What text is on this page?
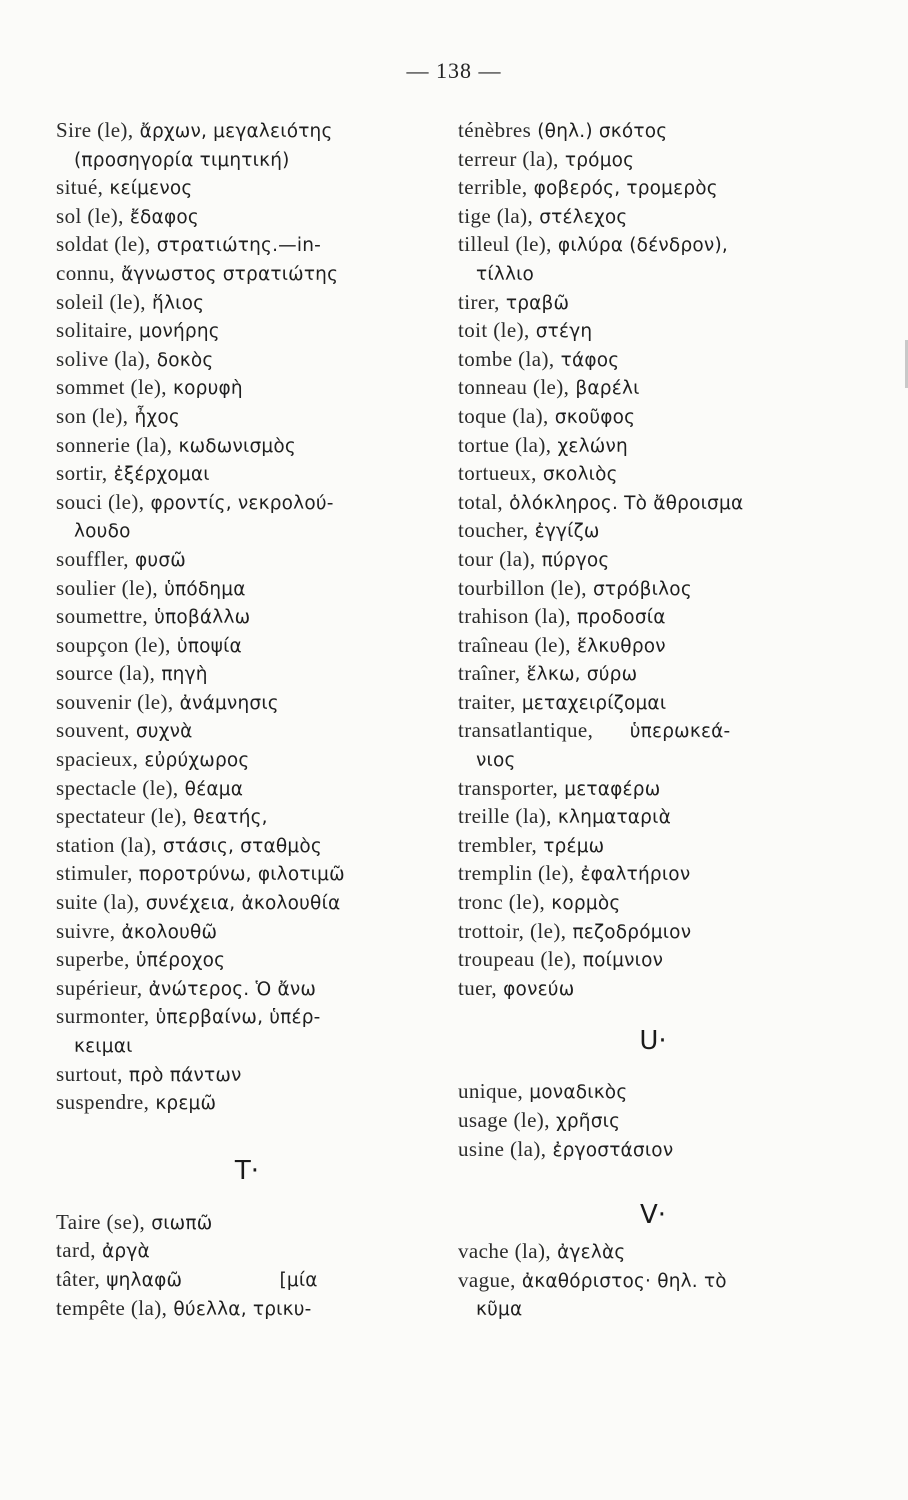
— 138 —
Sire (le), ἄρχων, μεγαλειότης
(προσηγορία τιμητική)
situé, κείμενος
sol (le), ἔδαφος
soldat (le), στρατιώτης.—in-
connu, ἄγνωστος στρατιώτης
soleil (le), ἥλιος
solitaire, μονήρης
solive (la), δοκὸς
sommet (le), κορυφὴ
son (le), ἦχος
sonnerie (la), κωδωνισμὸς
sortir, ἐξέρχομαι
souci (le), φροντίς, νεκρολού-
λουδο
souffler, φυσῶ
soulier (le), ὑπόδημα
soumettre, ὑποβάλλω
soupçon (le), ὑποψία
source (la), πηγὴ
souvenir (le), ἀνάμνησις
souvent, συχνὰ
spacieux, εὐρύχωρος
spectacle (le), θέαμα
spectateur (le), θεατής,
station (la), στάσις, σταθμὸς
stimuler, ποροτρύνω, φιλοτιμῶ
suite (la), συνέχεια, ἀκολουθία
suivre, ἀκολουθῶ
superbe, ὑπέροχος
supérieur, ἀνώτερος. Ὁ ἄνω
surmonter, ὑπερβαίνω, ὑπέρ-
κειμαι
surtout, πρὸ πάντων
suspendre, κρεμῶ
T·
Taire (se), σιωπῶ
tard, ἀργὰ
tâter, ψηλαφῶ                [μία
tempête (la), θύελλα, τρικυ-
ténèbres (θηλ.) σκότος
terreur (la), τρόμος
terrible, φοβερός, τρομερὸς
tige (la), στέλεχος
tilleul (le), φιλύρα (δένδρον),
τίλλιο
tirer, τραβῶ
toit (le), στέγη
tombe (la), τάφος
tonneau (le), βαρέλι
toque (la), σκοῦφος
tortue (la), χελώνη
tortueux, σκολιὸς
total, ὁλόκληρος. Τὸ ἄθροισμα
toucher, ἐγγίζω
tour (la), πύργος
tourbillon (le), στρόβιλος
trahison (la), προδοσία
traîneau (le), ἕλκυθρον
traîner, ἕλκω, σύρω
traiter, μεταχειρίζομαι
transatlantique,      ὑπερωκεά-
νιος
transporter, μεταφέρω
treille (la), κληματαριὰ
trembler, τρέμω
tremplin (le), ἐφαλτήριον
tronc (le), κορμὸς
trottoir, (le), πεζοδρόμιον
troupeau (le), ποίμνιον
tuer, φονεύω
U·
unique, μοναδικὸς
usage (le), χρῆσις
usine (la), ἐργοστάσιον
V·
vache (la), ἀγελὰς
vague, ἀκαθόριστος· θηλ. τὸ
κῦμα
